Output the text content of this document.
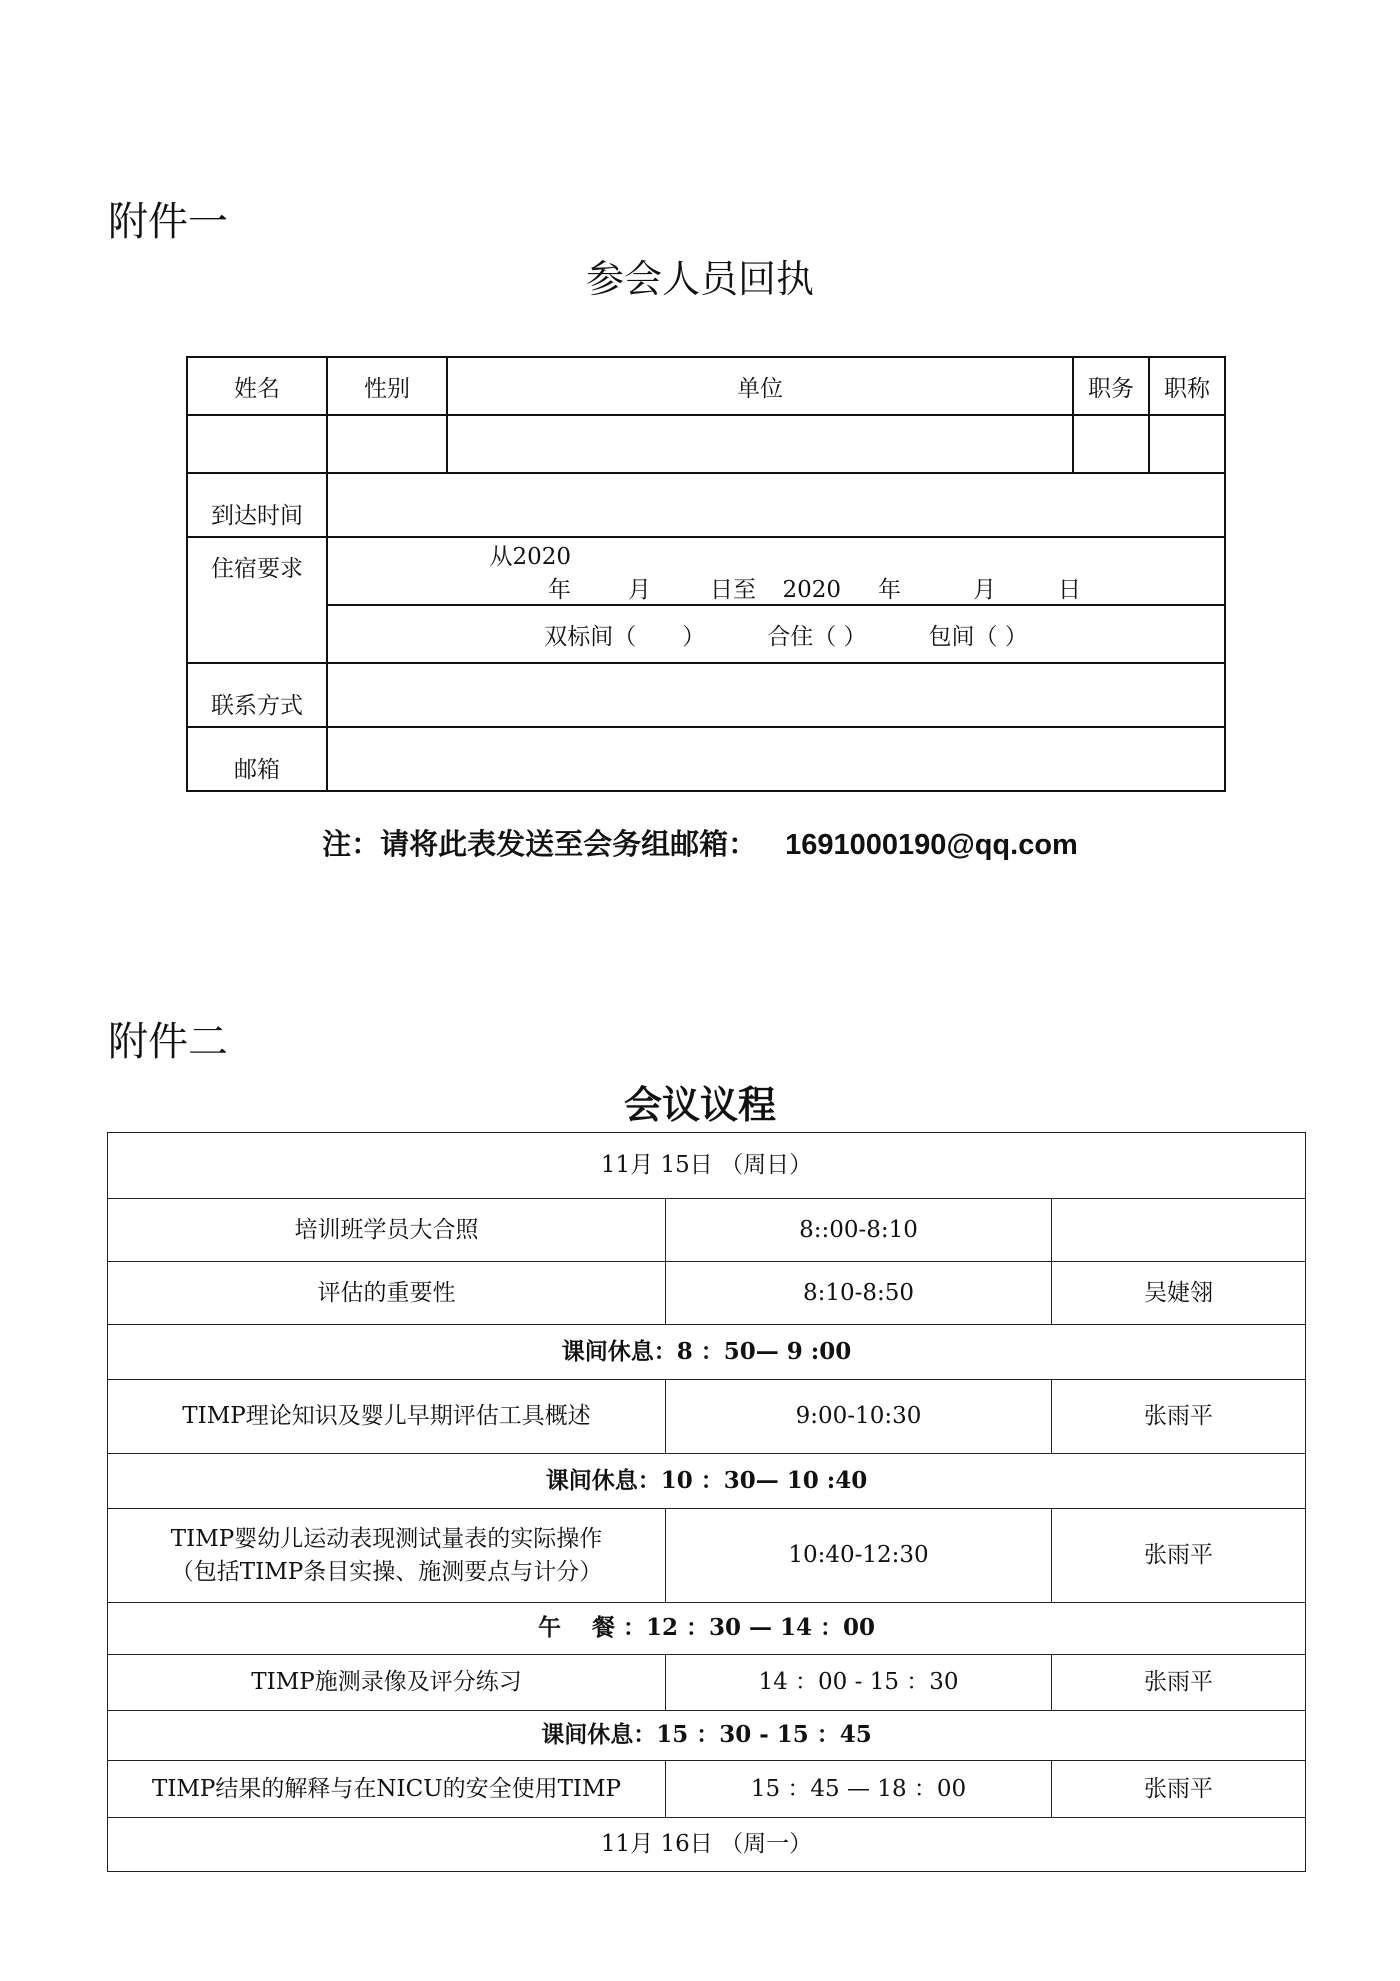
附件一
参会人员回执
姓名	性别	单位	职务	职称

到达时间				
住宿要求	从2020 年 月 日至 2020 年 月 日			
	双标间（　　） 合住（ ） 包间（ ）			
联系方式				
邮箱				
注：请将此表发送至会务组邮箱： 1691000190@qq.com
附件二
会议议程
11月 15日 （周日）		
培训班学员大合照	8::00-8:10	
评估的重要性	8:10-8:50	吴婕翎
课间休息：8 ：50— 9 :00		
TIMP理论知识及婴儿早期评估工具概述	9:00-10:30	张雨平
课间休息：10 ：30— 10 :40		

TIMP婴幼儿运动表现测试量表的实际操作
（包括TIMP条目实操、施测要点与计分）	10:40-12:30	张雨平
午　 餐 ：12 ：30 — 14 ：00		
TIMP施测录像及评分练习	14 ：00 - 15 ：30	张雨平
课间休息：15 ：30 - 15 ：45		
TIMP结果的解释与在NICU的安全使用TIMP	15 ：45 — 18 ：00	张雨平
11月 16日 （周一）		
